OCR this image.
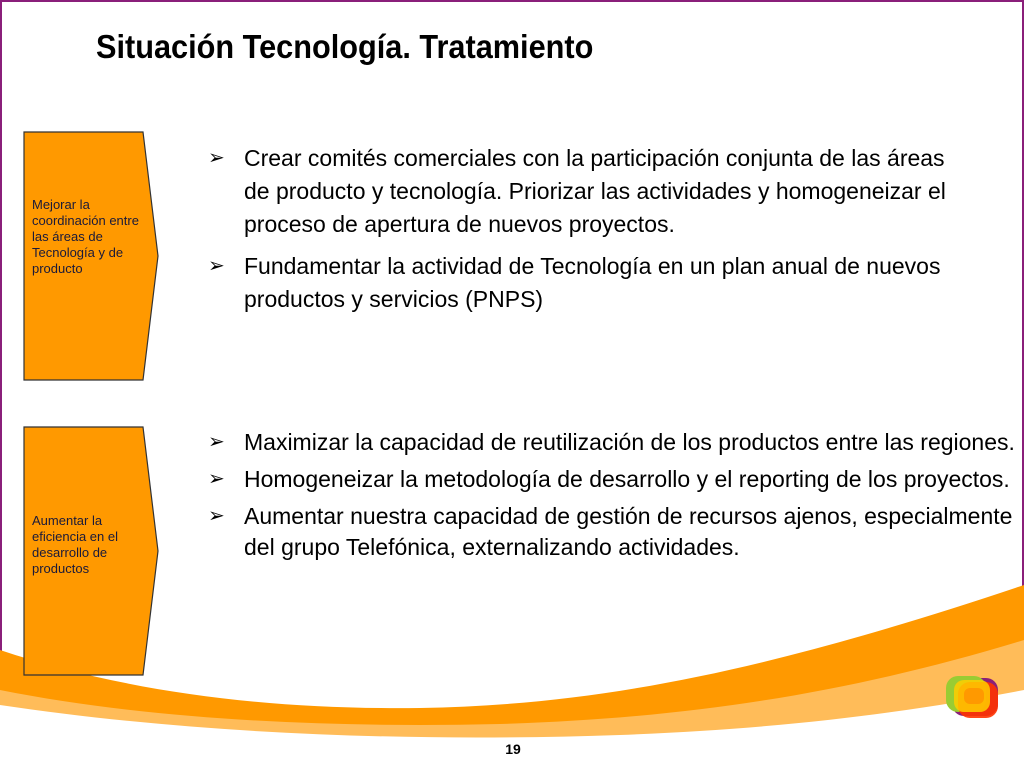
Situación Tecnología. Tratamiento
Mejorar la coordinación entre las áreas de Tecnología y de producto
Aumentar la eficiencia en el desarrollo de productos
➢ Crear comités comerciales con la participación conjunta de las áreas de producto y tecnología. Priorizar las actividades y homogeneizar el proceso de apertura de nuevos proyectos.
➢ Fundamentar la actividad de Tecnología en un plan anual de nuevos productos y servicios (PNPS)
➢ Maximizar la capacidad de reutilización de los productos entre las regiones.
➢ Homogeneizar la metodología de desarrollo y el reporting de los proyectos.
➢ Aumentar nuestra capacidad de gestión de recursos ajenos, especialmente del grupo Telefónica, externalizando actividades.
terra
19
